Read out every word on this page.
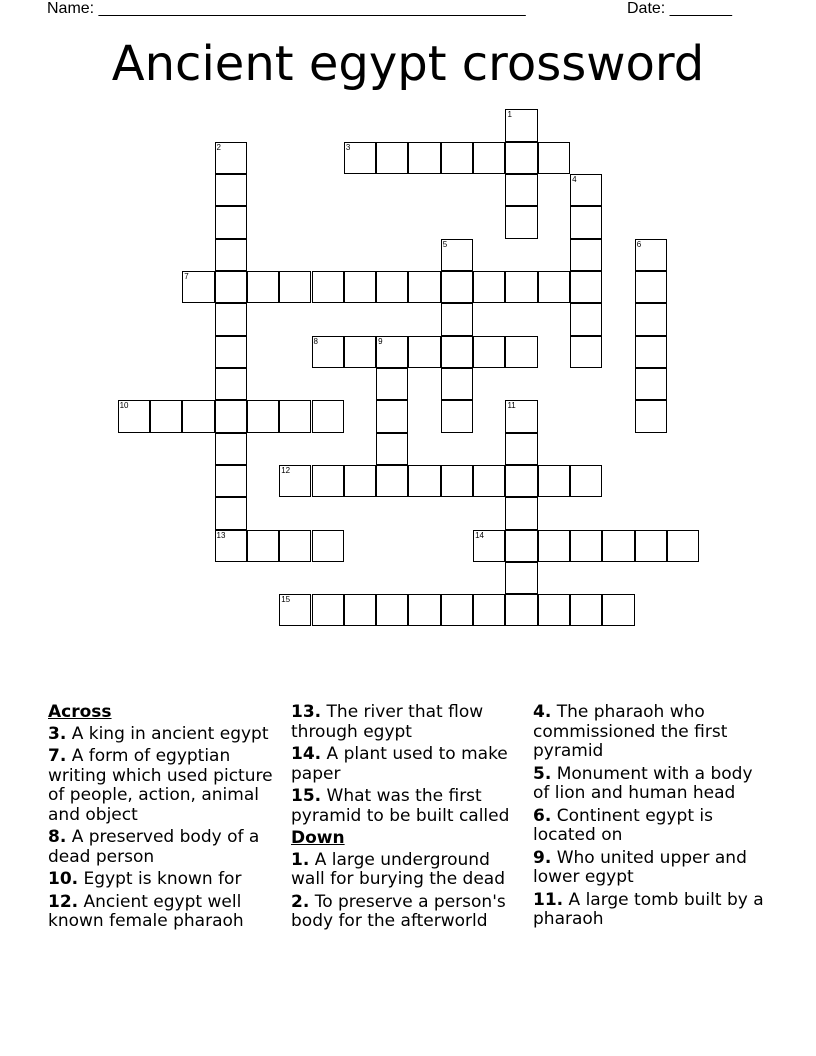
Name: ________________________________________________	Date: _______
Ancient egypt crossword
1
2
13
3
4
5	6
7
8	9
10	11
12
14
15
Across
3. A king in ancient egypt
7. A form of egyptian writing which used picture of people, action, animal and object
8. A preserved body of a dead person
10. Egypt is known for
12. Ancient egypt well known female pharaoh
13. The river that flow through egypt
14. A plant used to make paper
15. What was the first pyramid to be built called
Down
1. A large underground wall for burying the dead
2. To preserve a person's body for the afterworld
4. The pharaoh who commissioned the first pyramid
5. Monument with a body of lion and human head
6. Continent egypt is located on
9. Who united upper and lower egypt
11. A large tomb built by a pharaoh
